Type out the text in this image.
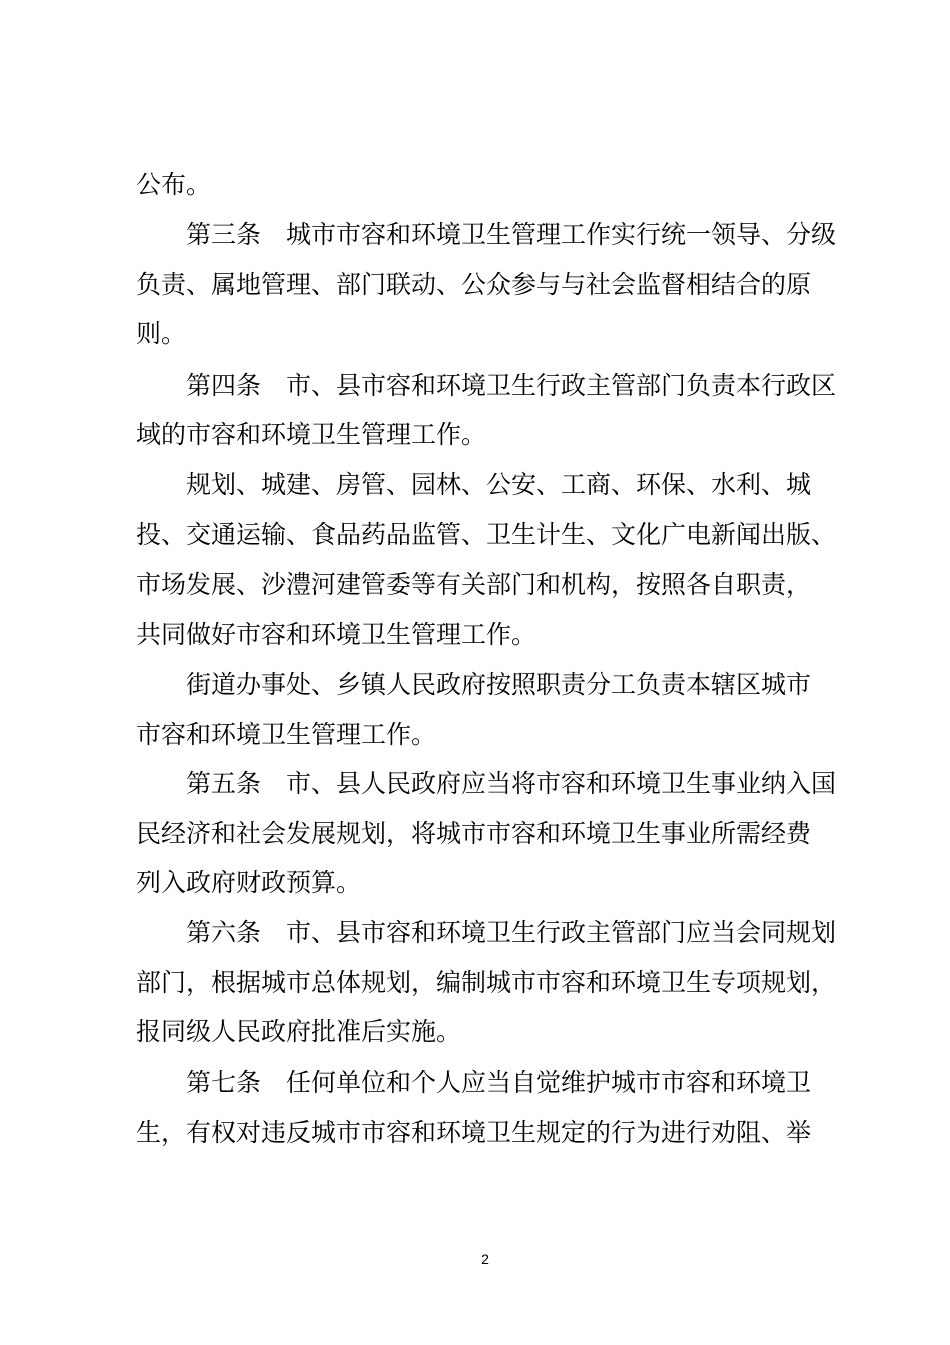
公布。
第三条　城市市容和环境卫生管理工作实行统一领导、分级
负责、属地管理、部门联动、公众参与与社会监督相结合的原
则。
第四条　市、县市容和环境卫生行政主管部门负责本行政区
域的市容和环境卫生管理工作。
规划、城建、房管、园林、公安、工商、环保、水利、城
投、交通运输、食品药品监管、卫生计生、文化广电新闻出版、
市场发展、沙澧河建管委等有关部门和机构，按照各自职责，
共同做好市容和环境卫生管理工作。
街道办事处、乡镇人民政府按照职责分工负责本辖区城市
市容和环境卫生管理工作。
第五条　市、县人民政府应当将市容和环境卫生事业纳入国
民经济和社会发展规划，将城市市容和环境卫生事业所需经费
列入政府财政预算。
第六条　市、县市容和环境卫生行政主管部门应当会同规划
部门，根据城市总体规划，编制城市市容和环境卫生专项规划，
报同级人民政府批准后实施。
第七条　任何单位和个人应当自觉维护城市市容和环境卫
生，有权对违反城市市容和环境卫生规定的行为进行劝阻、举
2
